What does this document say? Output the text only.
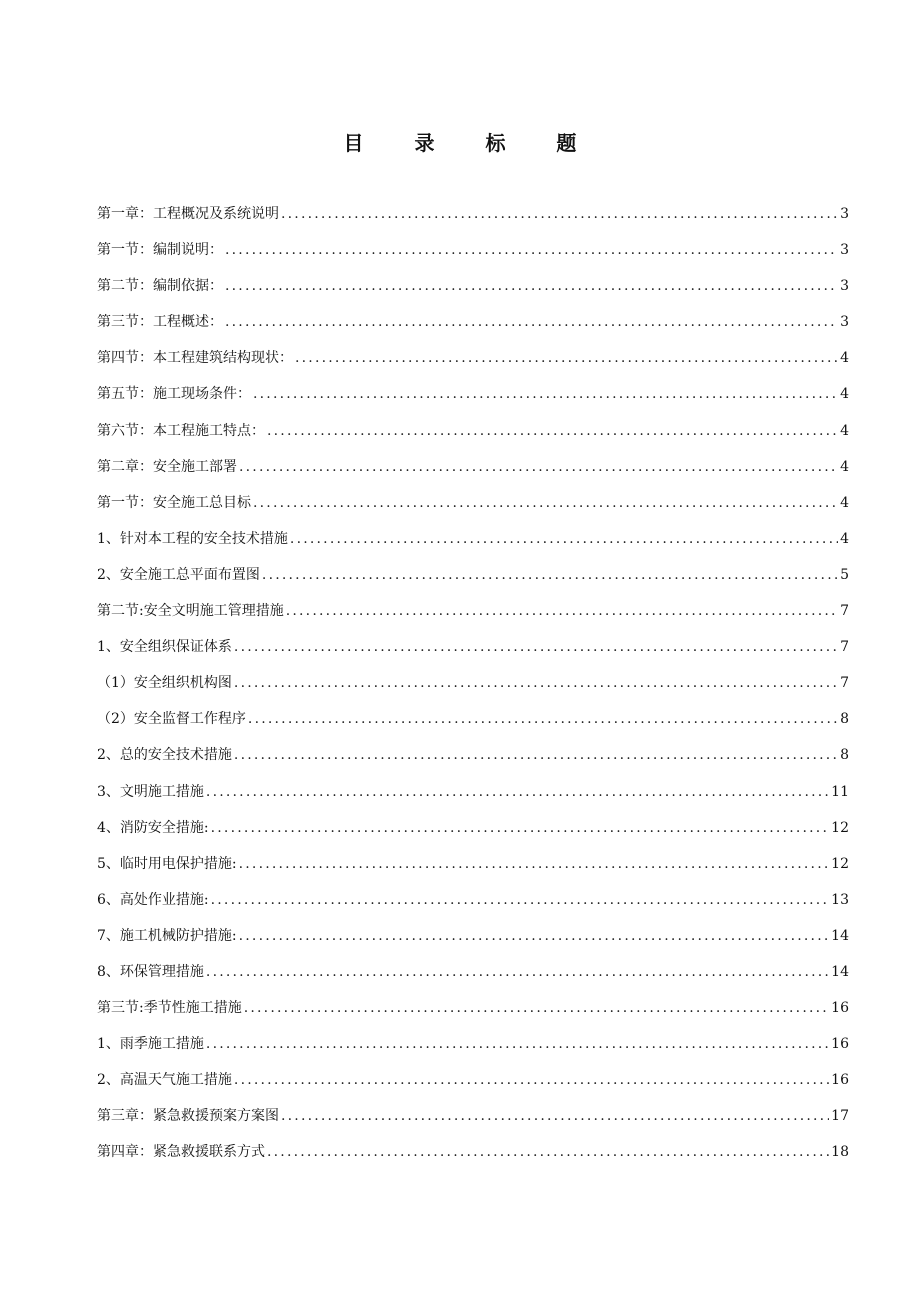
目 录 标 题
第一章：工程概况及系统说明 .....	3
第一节：编制说明： .....	3
第二节：编制依据： .....	3
第三节：工程概述： .....	3
第四节：本工程建筑结构现状： .....	4
第五节：施工现场条件： .....	4
第六节：本工程施工特点： .....	4
第二章：安全施工部署 .....	4
第一节：安全施工总目标 .....	4
1、针对本工程的安全技术措施 .....	4
2、安全施工总平面布置图 .....	5
第二节:安全文明施工管理措施 .....	7
1、安全组织保证体系 .....	7
（1）安全组织机构图 .....	7
（2）安全监督工作程序 .....	8
2、总的安全技术措施 .....	8
3、文明施工措施 .....	11
4、消防安全措施: .....	12
5、临时用电保护措施: .....	12
6、高处作业措施: .....	13
7、施工机械防护措施: .....	14
8、环保管理措施 .....	14
第三节:季节性施工措施 .....	16
1、雨季施工措施 .....	16
2、高温天气施工措施 .....	16
第三章：紧急救援预案方案图 .....	17
第四章：紧急救援联系方式 .....	18
